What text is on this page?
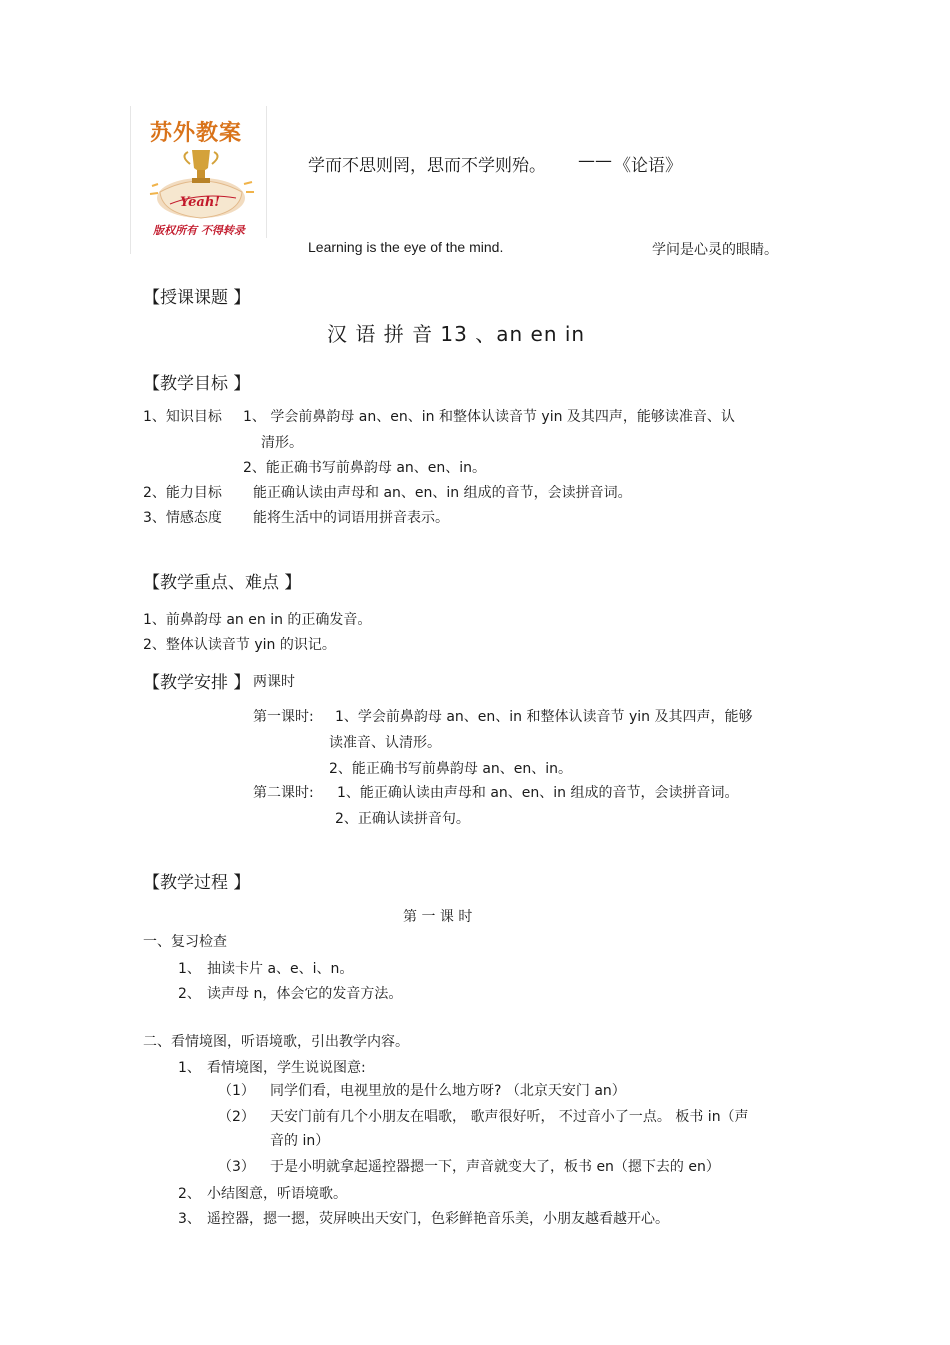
苏外教案
Yeah!
版权所有 不得转录
学而不思则罔，思而不学则殆。 —— 《论语》
Learning is the eye of the mind.	学问是心灵的眼睛。
【授课课题 】
汉 语 拼 音 13 、an en in
【教学目标 】
1、知识目标 1、 学会前鼻韵母 an、en、in 和整体认读音节 yin 及其四声，能够读准音、认
清形。
2、能正确书写前鼻韵母 an、en、in。
2、能力目标 能正确认读由声母和 an、en、in 组成的音节，会读拼音词。
3、情感态度 能将生活中的词语用拼音表示。
【教学重点、难点 】
1、前鼻韵母 an en in 的正确发音。
2、整体认读音节 yin 的识记。
【教学安排 】 两课时
第一课时: 1、学会前鼻韵母 an、en、in 和整体认读音节 yin 及其四声，能够
读准音、认清形。
2、能正确书写前鼻韵母 an、en、in。
第二课时: 1、能正确认读由声母和 an、en、in 组成的音节，会读拼音词。
2、正确认读拼音句。
【教学过程 】
第 一 课 时
一、复习检查
1、 抽读卡片 a、e、i、n。
2、 读声母 n，体会它的发音方法。
二、看情境图，听语境歌，引出教学内容。
1、 看情境图，学生说说图意:
（1） 同学们看，电视里放的是什么地方呀? （北京天安门 an）
（2） 天安门前有几个小朋友在唱歌， 歌声很好听， 不过音小了一点。 板书 in（声
音的 in）
（3） 于是小明就拿起遥控器摁一下，声音就变大了，板书 en（摁下去的 en）
2、 小结图意，听语境歌。
3、 遥控器，摁一摁，荧屏映出天安门，色彩鲜艳音乐美，小朋友越看越开心。
